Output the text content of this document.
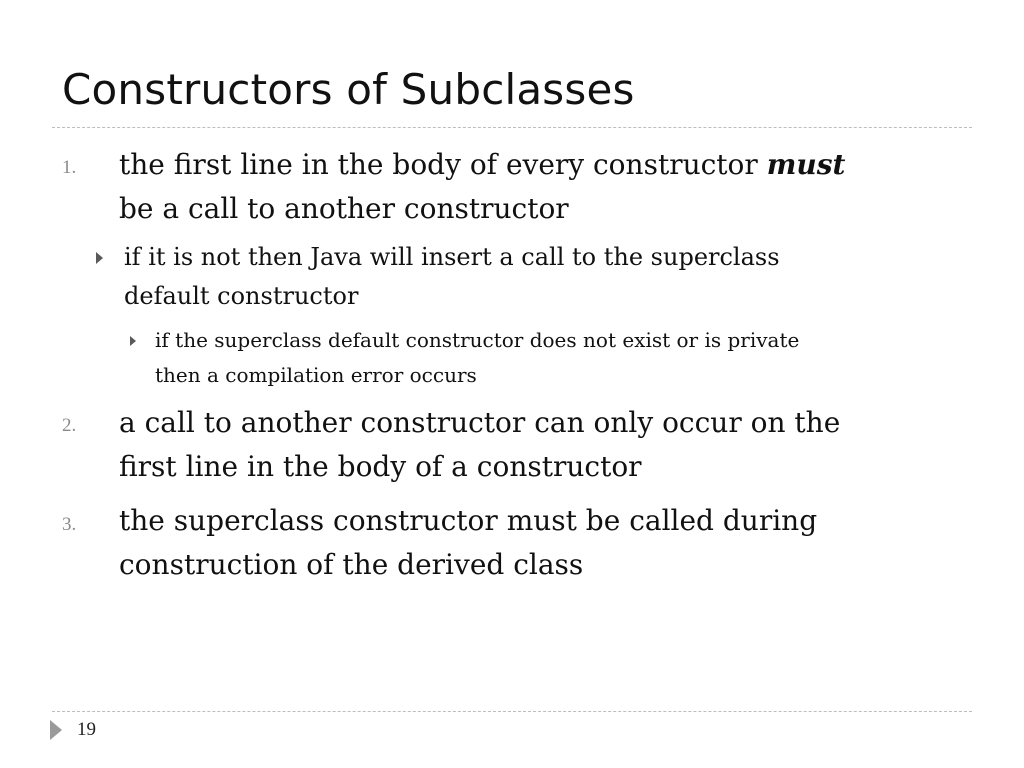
Constructors of Subclasses
1.	the first line in the body of every constructor must
be a call to another constructor
if it is not then Java will insert a call to the superclass
default constructor
if the superclass default constructor does not exist or is private
then a compilation error occurs
2.	a call to another constructor can only occur on the
first line in the body of a constructor
3.	the superclass constructor must be called during
construction of the derived class
19
